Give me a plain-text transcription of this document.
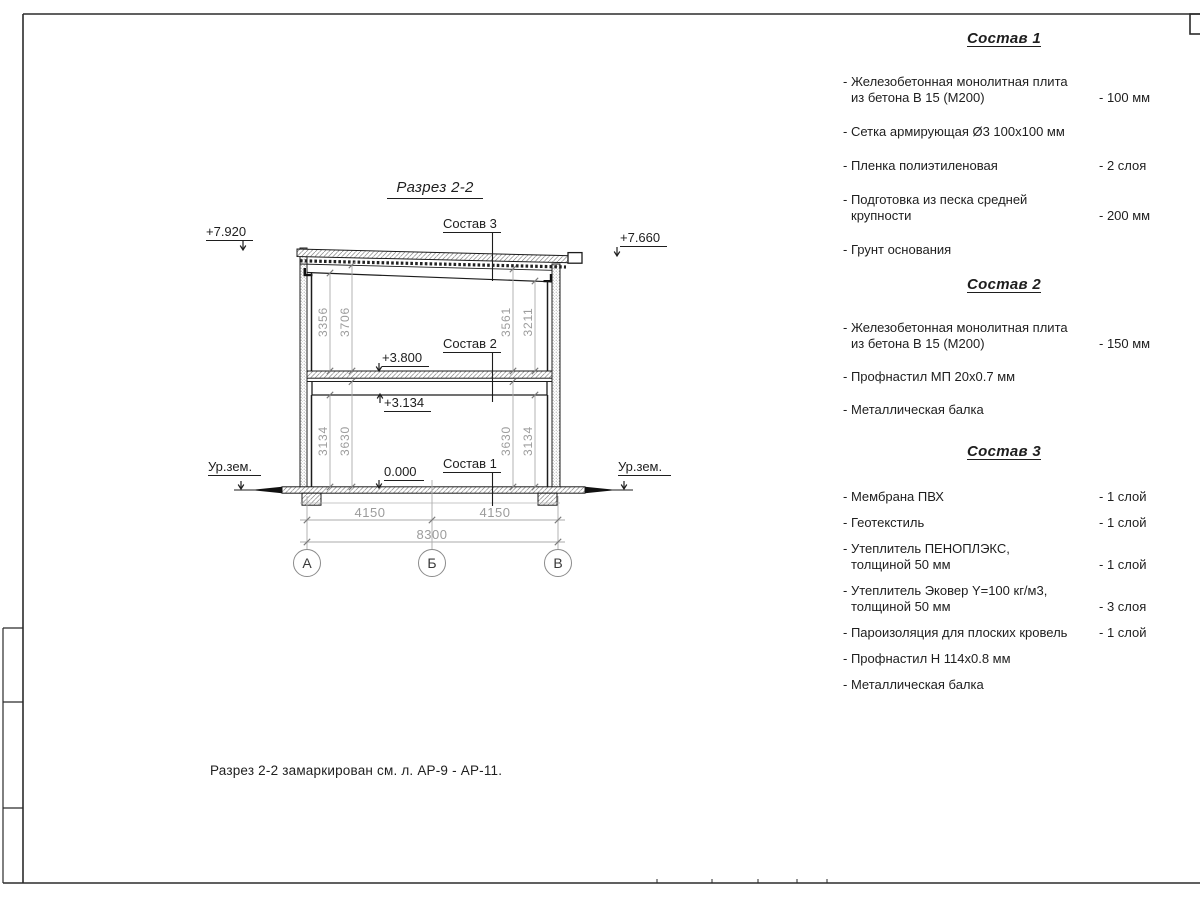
Разрез 2-2
+7.920	+7.660
+3.800
+3.134
0.000
Ур.зем.	Ур.зем.
Состав 3
Состав 2
Состав 1
4150	4150
8300
3356 3706	3561 3211
3134 3630	3630 3134
А	Б	В
Разрез 2-2 замаркирован см. л. АР-9 - АР-11.
Состав 1
- Железобетонная монолитная плита
из бетона В 15 (М200)	- 100 мм
- Сетка армирующая Ø3 100x100 мм
- Пленка полиэтиленовая	- 2 слоя
- Подготовка из песка средней
крупности	- 200 мм
- Грунт основания
Состав 2
- Железобетонная монолитная плита
из бетона В 15 (М200)	- 150 мм
- Профнастил МП 20x0.7 мм
- Металлическая балка
Состав 3
- Мембрана ПВХ	- 1 слой
- Геотекстиль	- 1 слой
- Утеплитель ПЕНОПЛЭКС,
толщиной 50 мм	- 1 слой
- Утеплитель Эковер Y=100 кг/м3,
толщиной 50 мм	- 3 слоя
- Пароизоляция для плоских кровель - 1 слой
- Профнастил Н 114x0.8 мм
- Металлическая балка
